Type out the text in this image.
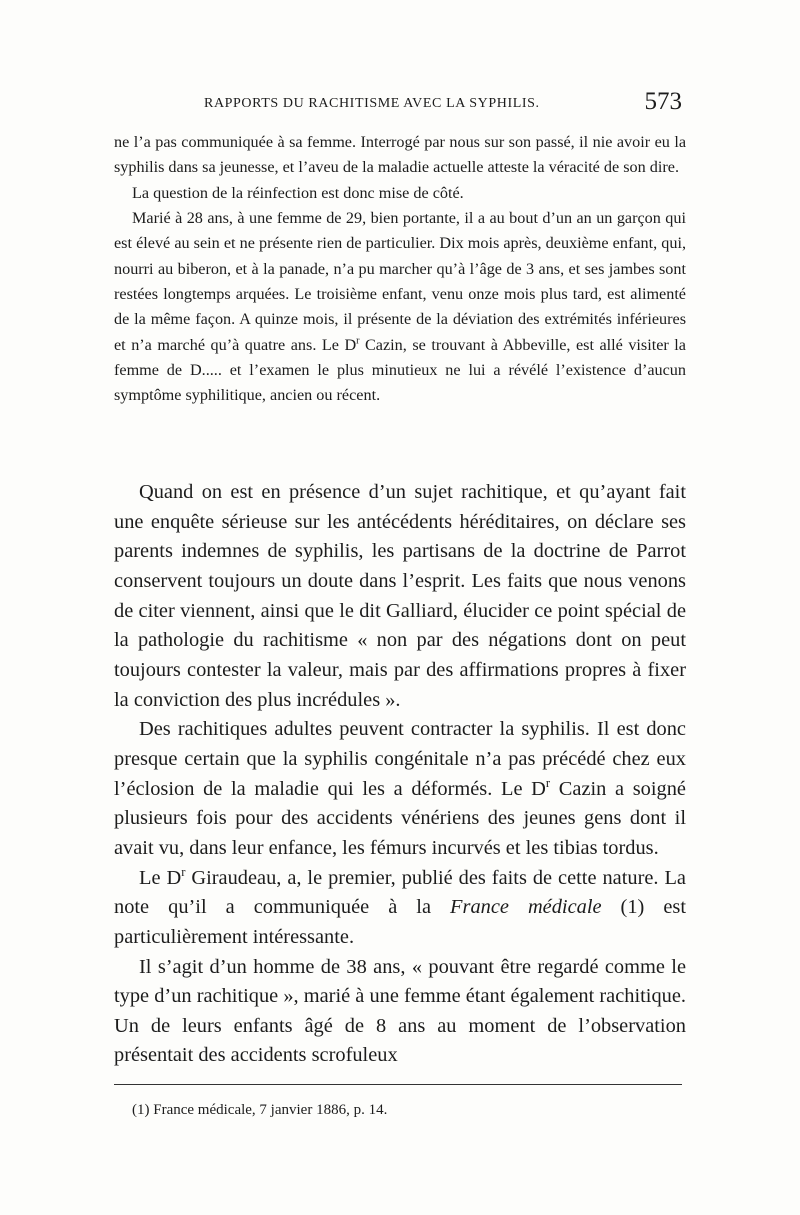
RAPPORTS DU RACHITISME AVEC LA SYPHILIS.	573

ne l’a pas communiquée à sa femme. Interrogé par nous sur son passé, il nie avoir eu la syphilis dans sa jeunesse, et l’aveu de la maladie actuelle atteste la véracité de son dire.

La question de la réinfection est donc mise de côté.

Marié à 28 ans, à une femme de 29, bien portante, il a au bout d’un an un garçon qui est élevé au sein et ne présente rien de particulier. Dix mois après, deuxième enfant, qui, nourri au biberon, et à la panade, n’a pu marcher qu’à l’âge de 3 ans, et ses jambes sont restées longtemps arquées. Le troisième enfant, venu onze mois plus tard, est alimenté de la même façon. A quinze mois, il présente de la déviation des extrémités inférieures et n’a marché qu’à quatre ans. Le $D^r$ Cazin, se trouvant à Abbeville, est allé visiter la femme de D..... et l’examen le plus minutieux ne lui a révélé l’existence d’aucun symptôme syphilitique, ancien ou récent.

Quand on est en présence d’un sujet rachitique, et qu’ayant fait une enquête sérieuse sur les antécédents héréditaires, on déclare ses parents indemnes de syphilis, les partisans de la doctrine de Parrot conservent toujours un doute dans l’esprit. Les faits que nous venons de citer viennent, ainsi que le dit Galliard, élucider ce point spécial de la pathologie du rachitisme « non par des négations dont on peut toujours contester la valeur, mais par des affirmations propres à fixer la conviction des plus incrédules ».

Des rachitiques adultes peuvent contracter la syphilis. Il est donc presque certain que la syphilis congénitale n’a pas précédé chez eux l’éclosion de la maladie qui les a déformés. Le $D^r$ Cazin a soigné plusieurs fois pour des accidents vénériens des jeunes gens dont il avait vu, dans leur enfance, les fémurs incurvés et les tibias tordus.

Le $D^r$ Giraudeau, a, le premier, publié des faits de cette nature. La note qu’il a communiquée à la France médicale (1) est particulièrement intéressante.

Il s’agit d’un homme de 38 ans, « pouvant être regardé comme le type d’un rachitique », marié à une femme étant également rachitique. Un de leurs enfants âgé de 8 ans au moment de l’observation présentait des accidents scrofuleux

(1) France médicale, 7 janvier 1886, p. 14.
